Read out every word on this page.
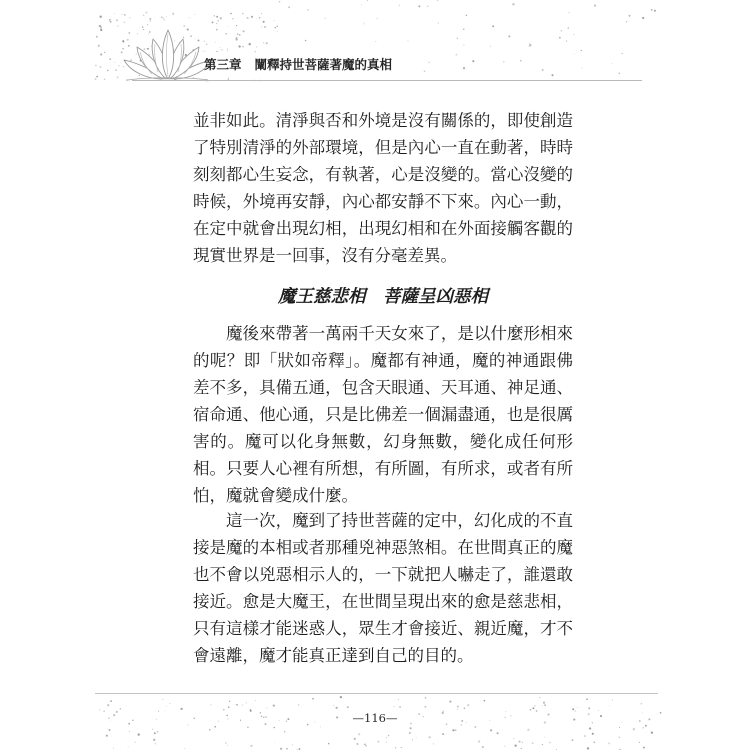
第三章 闡釋持世菩薩著魔的真相
並非如此。清淨與否和外境是沒有關係的，即使創造
了特別清淨的外部環境，但是內心一直在動著，時時
刻刻都心生妄念，有執著，心是沒變的。當心沒變的
時候，外境再安靜，內心都安靜不下來。內心一動，
在定中就會出現幻相，出現幻相和在外面接觸客觀的
現實世界是一回事，沒有分毫差異。
魔王慈悲相　菩薩呈凶惡相
魔後來帶著一萬兩千天女來了，是以什麼形相來
的呢？即「狀如帝釋」。魔都有神通，魔的神通跟佛
差不多，具備五通，包含天眼通、天耳通、神足通、
宿命通、他心通，只是比佛差一個漏盡通，也是很厲
害的。魔可以化身無數，幻身無數，變化成任何形
相。只要人心裡有所想，有所圖，有所求，或者有所
怕，魔就會變成什麼。
這一次，魔到了持世菩薩的定中，幻化成的不直
接是魔的本相或者那種兇神惡煞相。在世間真正的魔
也不會以兇惡相示人的，一下就把人嚇走了，誰還敢
接近。愈是大魔王，在世間呈現出來的愈是慈悲相，
只有這樣才能迷惑人，眾生才會接近、親近魔，才不
會遠離，魔才能真正達到自己的目的。
—116—
